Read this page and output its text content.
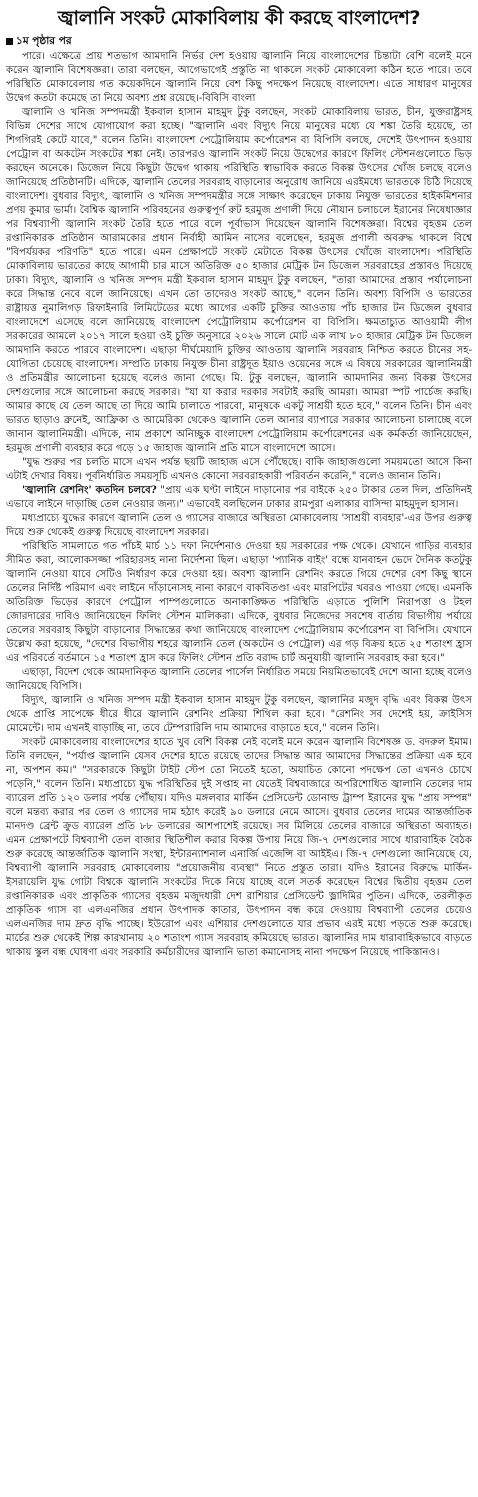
জ্বালানি সংকট মোকাবিলায় কী করছে বাংলাদেশ?
১ম পৃষ্ঠার পর

পারে। এক্ষেত্রে প্রায় শতভাগ আমদানি নির্ভর দেশ হওয়ায় জ্বালানি নিয়ে বাংলাদেশের চিন্তাটা বেশি বলেই মনে করেন জ্বালানি বিশেষজ্ঞরা। তারা বলছেন, আগেভাগেই প্রস্তুতি না থাকলে সংকট মোকাবেলা কঠিন হতে পারে। তবে পরিস্থিতি মোকাবেলায় গত কয়েকদিনে জ্বালানি নিয়ে বেশ কিছু পদক্ষেপ নিয়েছে বাংলাদেশ। এতে সাধারণ মানুষের উদ্বেগ কতটা কমেছে তা নিয়ে অবশ্য প্রশ্ন রয়েছে।-বিবিসি বাংলা

জ্বালানি ও খনিজ সম্পদমন্ত্রী ইকবাল হাসান মাহমুদ টুকু বলছেন, সংকট মোকাবিলায় ভারত, চীন, যুক্তরাষ্ট্রসহ বিভিন্ন দেশের সাথে যোগাযোগ করা হচ্ছে। "জ্বালানি এবং বিদ্যুৎ নিয়ে মানুষের মধ্যে যে শঙ্কা তৈরি হয়েছে, তা শিগগিরই কেটে যাবে," বলেন তিনি। বাংলাদেশ পেট্রোলিয়াম কর্পোরেশন বা বিপিসি বলছে, দেশেই উৎপাদন হওয়ায় পেট্রোল বা অকটেন সংকটের শঙ্কা নেই। তারপরও জ্বালানি সংকট নিয়ে উদ্বেগের কারণে ফিলিং স্টেশনগুলোতে ভিড় করছেন অনেকে। ডিজেল নিয়ে কিছুটা উদ্বেগ থাকায় পরিস্থিতি স্বাভাবিক করতে বিকল্প উৎসের খোঁজ চলছে বলেও জানিয়েছে প্রতিষ্ঠানটি। এদিকে, জ্বালানি তেলের সরবরাহ বাড়ানোর অনুরোধ জানিয়ে এরইমধ্যে ভারতকে চিঠি দিয়েছে বাংলাদেশ। বুধবার বিদ্যুৎ, জ্বালানি ও খনিজ সম্পদমন্ত্রীর সঙ্গে সাক্ষাৎ করেছেন ঢাকায় নিযুক্ত ভারতের হাইকমিশনার প্রণয় কুমার ভার্মা। বৈশ্বিক জ্বালানি পরিবহনের গুরুত্বপূর্ণ রুট হরমুজ প্রণালী দিয়ে নৌযান চলাচলে ইরানের নিষেধাজ্ঞার পর বিশ্বব্যাপী জ্বালানি সংকট তৈরি হতে পারে বলে পূর্বাভাস দিয়েছেন জ্বালানি বিশেষজ্ঞরা। বিশ্বের বৃহত্তম তেল রপ্তানিকারক প্রতিষ্ঠান আরামকোর প্রধান নির্বাহী আমিন নাসের বলেছেন, হরমুজ প্রণালী অবরুদ্ধ থাকলে বিশ্বে "বিপর্যয়কর পরিণতি" হতে পারে। এমন প্রেক্ষাপটে সংকট মেটাতে বিকল্প উৎসের খোঁজে বাংলাদেশ। পরিস্থিতি মোকাবিলায় ভারতের কাছে আগামী চার মাসে অতিরিক্ত ৫০ হাজার মেট্রিক টন ডিজেল সরবরাহের প্রস্তাবও দিয়েছে ঢাকা। বিদ্যুৎ, জ্বালানি ও খনিজ সম্পদ মন্ত্রী ইকবাল হাসান মাহমুদ টুকু বলছেন, "তারা আমাদের প্রস্তাব পর্যালোচনা করে সিদ্ধান্ত নেবে বলে জানিয়েছে। এখন তো তাদেরও সংকট আছে," বলেন তিনি। অবশ্য বিপিসি ও ভারতের রাষ্ট্রায়ত্ত নুমালিগড় রিফাইনারি লিমিটেডের মধ্যে আগের একটি চুক্তির আওতায় পাঁচ হাজার টন ডিজেল বুধবার বাংলাদেশে এসেছে বলে জানিয়েছে বাংলাদেশ পেট্রোলিয়াম কর্পোরেশন বা বিপিসি। ক্ষমতাচ্যুত আওয়ামী লীগ সরকারের আমলে ২০১৭ সালে হওয়া ওই চুক্তি অনুসারে ২০২৬ সালে মোট এক লাখ ৮০ হাজার মেট্রিক টন ডিজেল আমদানি করতে পারবে বাংলাদেশ। এছাড়া দীর্ঘমেয়াদি চুক্তির আওতায় জ্বালানি সরবরাহ নিশ্চিত করতে চীনের সহ-যোগিতা চেয়েছে বাংলাদেশ। সম্প্রতি ঢাকায় নিযুক্ত চীনা রাষ্ট্রদূত ইয়াও ওয়েনের সঙ্গে এ বিষয়ে সরকারের জ্বালানিমন্ত্রী ও প্রতিমন্ত্রীর আলোচনা হয়েছে বলেও জানা গেছে। মি. টুকু বলছেন, জ্বালানি আমদানির জন্য বিকল্প উৎসের দেশগুলোর সঙ্গে আলোচনা করছে সরকার। "যা যা করার দরকার সবটাই করছি আমরা। আমরা স্পট পার্চেজ করছি। আমার কাছে যে তেল আছে তা দিয়ে আমি চালাতে পারবো, মানুষকে একটু সাশ্রয়ী হতে হবে," বলেন তিনি। চীন এবং ভারত ছাড়াও ব্রুনেই, আফ্রিকা ও আমেরিকা থেকেও জ্বালানি তেল আনার ব্যাপারে সরকার আলোচনা চালাচ্ছে বলে জানান জ্বালানিমন্ত্রী। এদিকে, নাম প্রকাশে অনিচ্ছুক বাংলাদেশ পেট্রোলিয়াম কর্পোরেশনের এক কর্মকর্তা জানিয়েছেন, হরমুজ প্রণালী ব্যবহার করে গড়ে ১৫ জাহাজ জ্বালানি প্রতি মাসে বাংলাদেশে আসে।

"যুদ্ধ শুরুর পর চলতি মাসে এখন পর্যন্ত ছয়টি জাহাজ এসে পৌঁছেছে। বাকি জাহাজগুলো সময়মতো আসে কিনা এটাই দেখার বিষয়। পূর্বনির্ধারিত সময়সূচি এখনও কোনো সরবরাহকারী পরিবর্তন করেনি," বলেও জানান তিনি।

'জ্বালানি রেশনিং' কতদিন চলবে? "প্রায় এক ঘণ্টা লাইনে দাড়ানোর পর বাইকে ২৫০ টাকার তেল দিল, প্রতিদিনই এভাবে লাইনে দাড়াচ্ছি তেল নেওয়ার জন্য।" এভাবেই বলছিলেন ঢাকার রামপুরা এলাকার বাসিন্দা মাহমুদুল হাসান।

মধ্যপ্রাচ্যে যুদ্ধের কারণে জ্বালানি তেল ও গ্যাসের বাজারে অস্থিরতা মোকাবেলায় 'সাশ্রয়ী ব্যবহার'-এর উপর গুরুত্ব দিয়ে শুরু থেকেই গুরুত্ব দিয়েছে বাংলাদেশ সরকার।

পরিস্থিতি সামলাতে গত পাঁচই মার্চ ১১ দফা নির্দেশনাও দেওয়া হয় সরকারের পক্ষ থেকে। যেখানে গাড়ির ব্যবহার সীমিত করা, আলোকসজ্জা পরিহারসহ নানা নির্দেশনা ছিল। এছাড়া 'প্যানিক বাইং' বন্ধে যানবাহন ভেদে দৈনিক কতটুকু জ্বালানি নেওয়া যাবে সেটিও নির্ধারণ করে দেওয়া হয়। অবশ্য জ্বালানি রেশনিং করতে গিয়ে দেশের বেশ কিছু স্থানে তেলের নির্দিষ্ট পরিমাণ এবং লাইনে দাঁড়ানোসহ নানা কারণে বাকবিতণ্ডা এবং মারপিটের খবরও পাওয়া গেছে। এমনকি অতিরিক্ত ভিড়ের কারণে পেট্রোল পাম্পগুলোতে অনাকাঙ্ক্ষিত পরিস্থিতি এড়াতে পুলিশি নিরাপত্তা ও টহল জোরদারের দাবিও জানিয়েছেন ফিলিং স্টেশন মালিকরা। এদিকে, বুধবার নিজেদের সবশেষ বার্তায় বিভাগীয় পর্যায়ে তেলের সরবরাহ কিছুটা বাড়ানোর সিদ্ধান্তের কথা জানিয়েছে বাংলাদেশ পেট্রোলিয়াম কর্পোরেশন বা বিপিসি। যেখানে উল্লেখ করা হয়েছে, "দেশের বিভাগীয় শহরে জ্বালানি তেল (অকটেন ও পেট্রোল) এর গড় বিক্রয় হতে ২৫ শতাংশ হ্রাস এর পরিবর্তে বর্তমানে ১৫ শতাংশ হ্রাস করে ফিলিং স্টেশন প্রতি বরাদ্দ চার্ট অনুযায়ী জ্বালানি সরবরাহ করা হবে।"

এছাড়া, বিদেশ থেকে আমদানিকৃত জ্বালানি তেলের পার্সেল নির্ধারিত সময়ে নিয়মিতভাবেই দেশে আনা হচ্ছে বলেও জানিয়েছে বিপিসি।

বিদ্যুৎ, জ্বালানি ও খনিজ সম্পদ মন্ত্রী ইকবাল হাসান মাহমুদ টুকু বলছেন, জ্বালানির মজুদ বৃদ্ধি এবং বিকল্প উৎস থেকে প্রাপ্তি সাপেক্ষে ধীরে ধীরে জ্বালানি রেশনিং প্রক্রিয়া শিথিল করা হবে। "রেশনিং সব দেশেই হয়, ক্রাইসিস মোমেন্টে। দাম এখনই বাড়াচ্ছি না, তবে টেম্পরারিলি দাম আমাদের বাড়াতে হবে," বলেন তিনি।

সংকট মোকাবেলায় বাংলাদেশের হাতে খুব বেশি বিকল্প নেই বলেই মনে করেন জ্বালানি বিশেষজ্ঞ ড. বদরুল ইমাম। তিনি বলছেন, "পর্যাপ্ত জ্বালানি যেসব দেশের হাতে রয়েছে তাদের সিদ্ধান্ত আর আমাদের সিদ্ধান্তের প্রক্রিয়া এক হবে না, অপশন কম।" "সরকারকে কিছুটা টাইট স্টেপ তো নিতেই হতো, অযাচিত কোনো পদক্ষেপ তো এখনও চোখে পড়েনি," বলেন তিনি। মধ্যপ্রাচ্যে যুদ্ধ পরিস্থিতির দুই সপ্তাহ না যেতেই বিশ্ববাজারে অপরিশোধিত জ্বালানি তেলের দাম ব্যারেল প্রতি ১২০ ডলার পর্যন্ত পৌঁছায়। যদিও মঙ্গলবার মার্কিন প্রেসিডেন্ট ডোনাল্ড ট্রাম্প ইরানের যুদ্ধ "প্রায় সম্পন্ন" বলে মন্তব্য করার পর তেল ও গ্যাসের দাম হঠাৎ করেই ৯০ ডলারে নেমে আসে। বুধবার তেলের দামের আন্তর্জাতিক মানদণ্ড ব্রেন্ট ক্রুড ব্যারেল প্রতি ৮৮ ডলারের আশপাশেই রয়েছে। সব মিলিয়ে তেলের বাজারে অস্থিরতা অব্যাহত। এমন প্রেক্ষাপটে বিশ্বব্যাপী তেল বাজার স্থিতিশীল করার বিকল্প উপায় নিয়ে জি-৭ দেশগুলোর সাথে ধারাবাহিক বৈঠক শুরু করেছে আন্তর্জাতিক জ্বালানি সংস্থা, ইন্টারন্যাশনাল এনার্জি এজেন্সি বা আইইএ। জি-৭ দেশগুলো জানিয়েছে যে, বিশ্বব্যাপী জ্বালানি সরবরাহ মোকাবেলায় "প্রয়োজনীয় ব্যবস্থা" নিতে প্রস্তুত তারা। যদিও ইরানের বিরুদ্ধে মার্কিন-ইসরায়েলি যুদ্ধ গোটা বিশ্বকে জ্বালানি সংকটের দিকে নিয়ে যাচ্ছে বলে সতর্ক করেছেন বিশ্বের দ্বিতীয় বৃহত্তম তেল রপ্তানিকারক এবং প্রাকৃতিক গ্যাসের বৃহত্তম মজুদধারী দেশ রাশিয়ার প্রেসিডেন্ট ভ্লাদিমির পুতিন। এদিকে, তরলীকৃত প্রাকৃতিক গ্যাস বা এলএনজির প্রধান উৎপাদক কাতার, উৎপাদন বন্ধ করে দেওয়ায় বিশ্বব্যাপী তেলের চেয়েও এলএনজির দাম দ্রুত বৃদ্ধি পাচ্ছে। ইউরোপ এবং এশিয়ার দেশগুলোতে যার প্রভাব এরই মধ্যে পড়তে শুরু করেছে। মার্চের শুরু থেকেই শিল্প কারখানায় ২০ শতাংশ গ্যাস সরবরাহ কমিয়েছে ভারত। জ্বালানির দাম ধারাবাহিকভাবে বাড়তে থাকায় স্কুল বন্ধ ঘোষণা এবং সরকারি কর্মচারীদের জ্বালানি ভাতা কমানোসহ নানা পদক্ষেপ নিয়েছে পাকিস্তানও।
